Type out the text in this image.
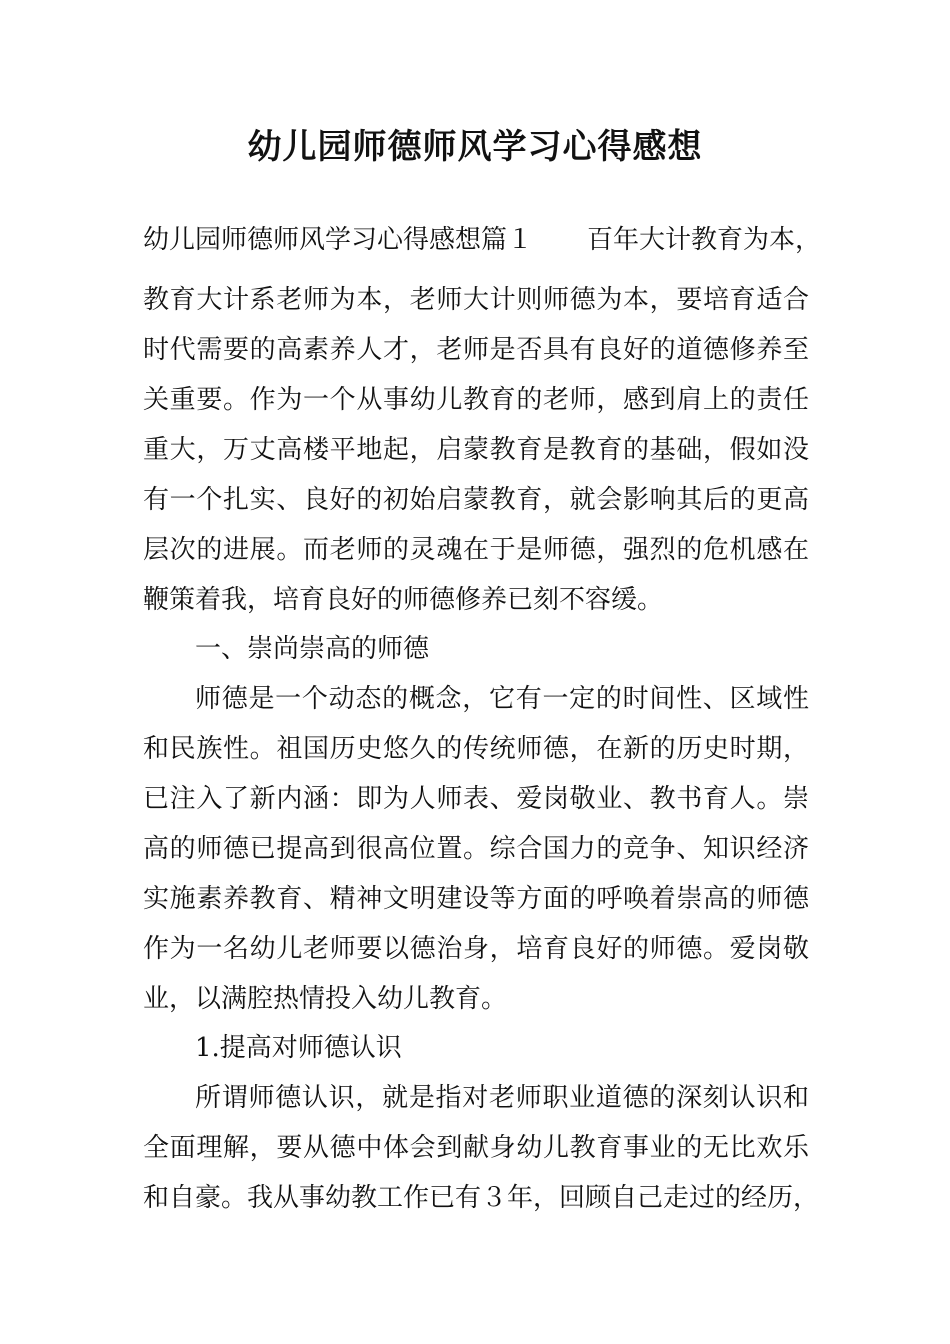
幼儿园师德师风学习心得感想
幼儿园师德师风学习心得感想篇１ 百年大计教育为本，
教育大计系老师为本，老师大计则师德为本，要培育适合
时代需要的高素养人才，老师是否具有良好的道德修养至
关重要。作为一个从事幼儿教育的老师，感到肩上的责任
重大，万丈高楼平地起，启蒙教育是教育的基础，假如没
有一个扎实、良好的初始启蒙教育，就会影响其后的更高
层次的进展。而老师的灵魂在于是师德，强烈的危机感在
鞭策着我，培育良好的师德修养已刻不容缓。
一、崇尚崇高的师德
师德是一个动态的概念，它有一定的时间性、区域性
和民族性。祖国历史悠久的传统师德，在新的历史时期，
已注入了新内涵：即为人师表、爱岗敬业、教书育人。崇
高的师德已提高到很高位置。综合国力的竞争、知识经济
实施素养教育、精神文明建设等方面的呼唤着崇高的师德
作为一名幼儿老师要以德治身，培育良好的师德。爱岗敬
业，以满腔热情投入幼儿教育。
1.提高对师德认识
所谓师德认识，就是指对老师职业道德的深刻认识和
全面理解，要从德中体会到献身幼儿教育事业的无比欢乐
和自豪。我从事幼教工作已有３年，回顾自己走过的经历，
